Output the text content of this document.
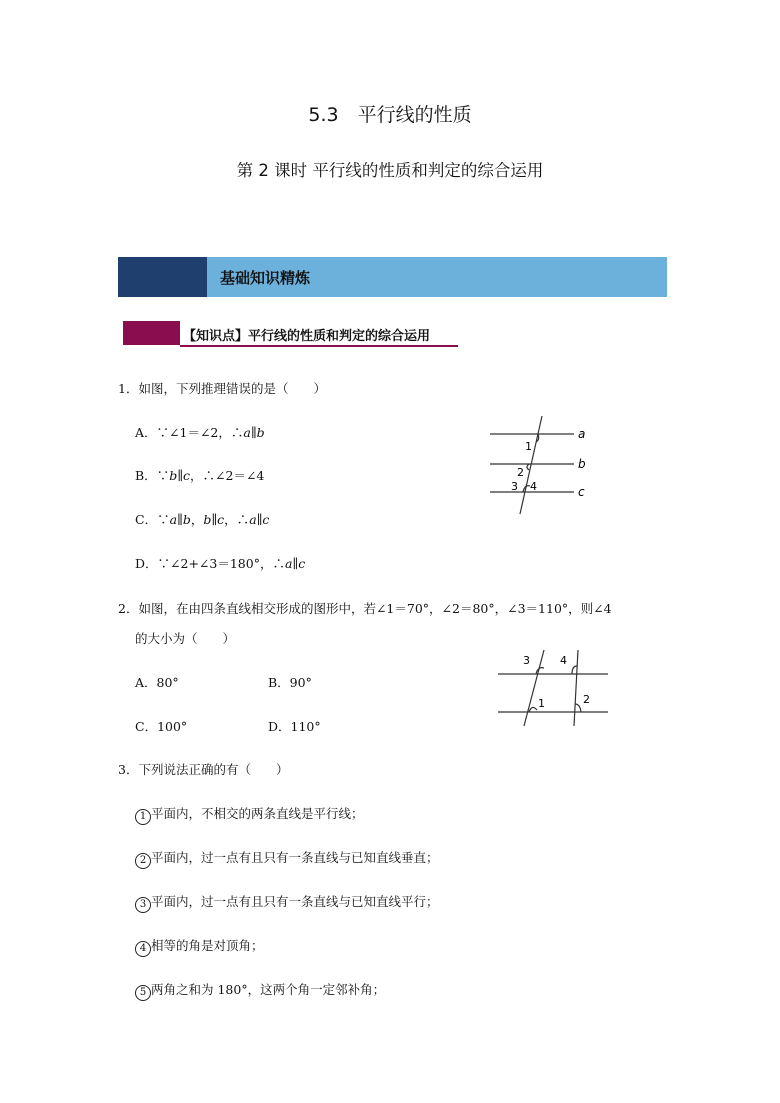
5.3　平行线的性质
第 2 课时 平行线的性质和判定的综合运用
基础知识精炼
【知识点】平行线的性质和判定的综合运用
1．如图，下列推理错误的是（　　）
A．∵∠1＝∠2，∴a∥b
B．∵b∥c，∴∠2＝∠4
C．∵a∥b，b∥c，∴a∥c
D．∵∠2+∠3＝180°，∴a∥c
1
2
3 4
a
b
c
2．如图，在由四条直线相交形成的图形中，若∠1＝70°，∠2＝80°，∠3＝110°，则∠4
的大小为（　　）
A．80°	B．90°
C．100°	D．110°
3	4
1	2
3．下列说法正确的有（　　）
1 平面内，不相交的两条直线是平行线；
2 平面内，过一点有且只有一条直线与已知直线垂直；
3 平面内，过一点有且只有一条直线与已知直线平行；
4 相等的角是对顶角；
5 两角之和为 180°，这两个角一定邻补角；
